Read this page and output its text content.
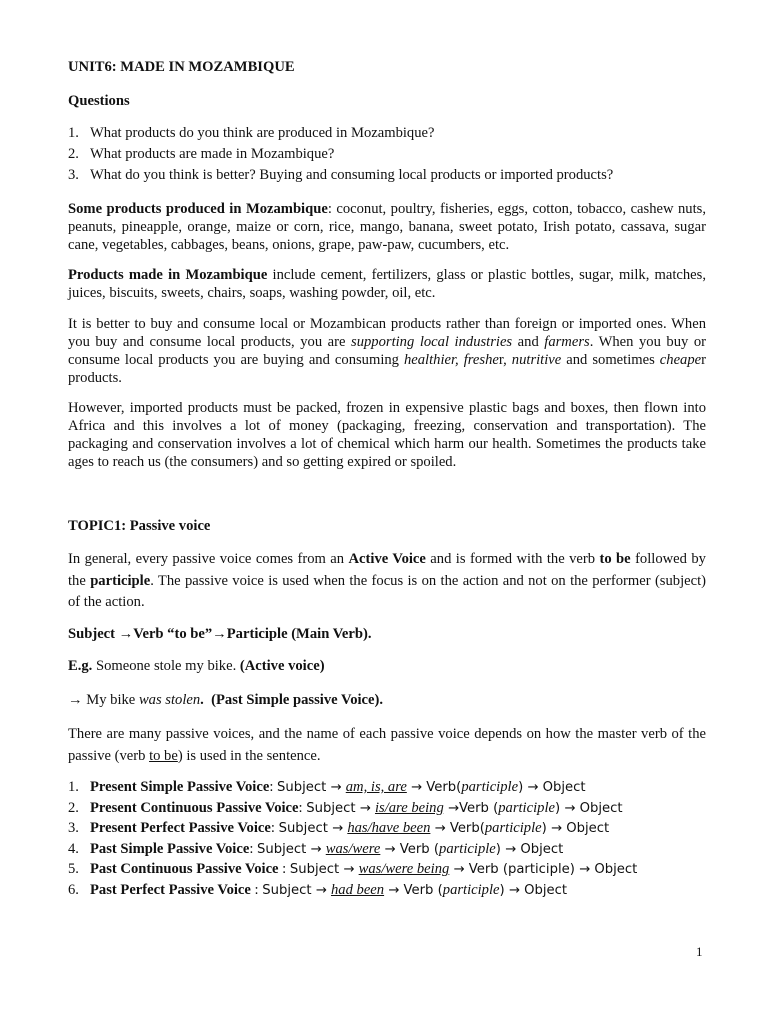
UNIT6: MADE IN MOZAMBIQUE

Questions

1. What products do you think are produced in Mozambique?
2. What products are made in Mozambique?
3. What do you think is better? Buying and consuming local products or imported products?

Some products produced in Mozambique: coconut, poultry, fisheries, eggs, cotton, tobacco, cashew nuts, peanuts, pineapple, orange, maize or corn, rice, mango, banana, sweet potato, Irish potato, cassava, sugar cane, vegetables, cabbages, beans, onions, grape, paw-paw, cucumbers, etc.

Products made in Mozambique include cement, fertilizers, glass or plastic bottles, sugar, milk, matches, juices, biscuits, sweets, chairs, soaps, washing powder, oil, etc.

It is better to buy and consume local or Mozambican products rather than foreign or imported ones. When you buy and consume local products, you are supporting local industries and farmers. When you buy or consume local products you are buying and consuming healthier, fresher, nutritive and sometimes cheaper products.

However, imported products must be packed, frozen in expensive plastic bags and boxes, then flown into Africa and this involves a lot of money (packaging, freezing, conservation and transportation). The packaging and conservation involves a lot of chemical which harm our health. Sometimes the products take ages to reach us (the consumers) and so getting expired or spoiled.

TOPIC1: Passive voice

In general, every passive voice comes from an Active Voice and is formed with the verb to be followed by the participle. The passive voice is used when the focus is on the action and not on the performer (subject) of the action.

Subject →Verb “to be”→Participle (Main Verb).

E.g. Someone stole my bike. (Active voice)

→ My bike was stolen. (Past Simple passive Voice).

There are many passive voices, and the name of each passive voice depends on how the master verb of the passive (verb to be) is used in the sentence.

1. Present Simple Passive Voice: Subject → am, is, are → Verb(participle) → Object
2. Present Continuous Passive Voice: Subject → is/are being →Verb (participle) → Object
3. Present Perfect Passive Voice: Subject → has/have been → Verb(participle) → Object
4. Past Simple Passive Voice: Subject → was/were → Verb (participle) → Object
5. Past Continuous Passive Voice : Subject → was/were being → Verb (participle) → Object
6. Past Perfect Passive Voice : Subject → had been → Verb (participle) → Object
1
